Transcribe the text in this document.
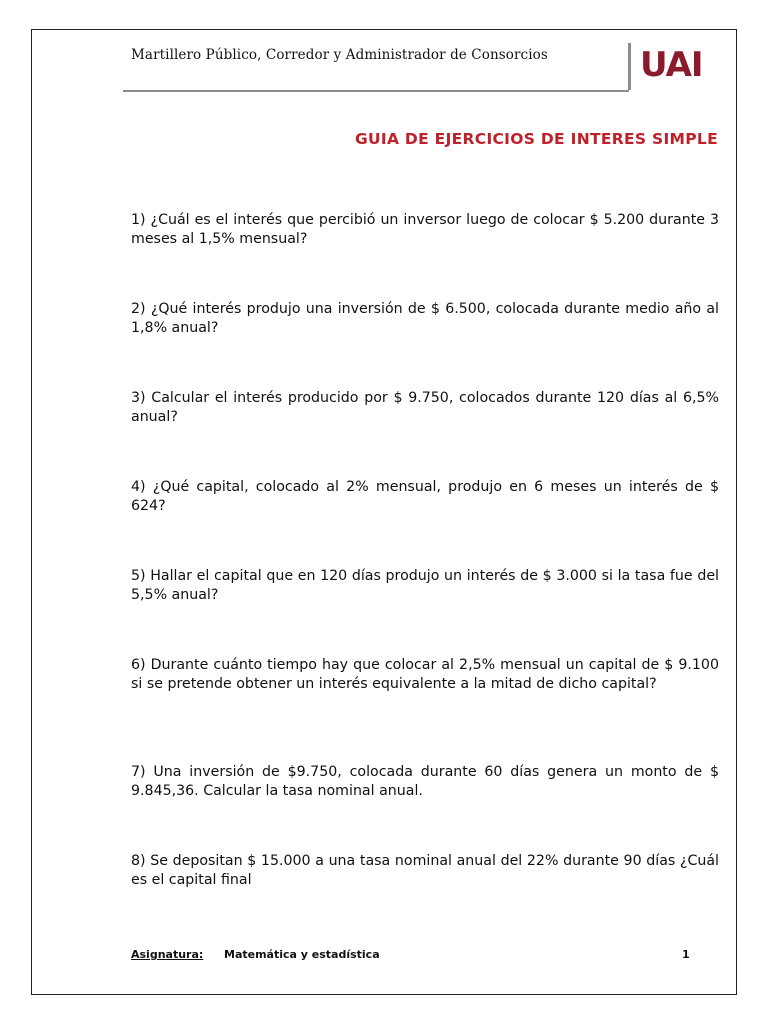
Martillero Público, Corredor y Administrador de Consorcios	UAI
GUIA DE EJERCICIOS DE INTERES SIMPLE
1) ¿Cuál es el interés que percibió un inversor luego de colocar $ 5.200 durante 3 meses al 1,5% mensual?
2) ¿Qué interés produjo una inversión de $ 6.500, colocada durante medio año al 1,8% anual?
3) Calcular el interés producido por $ 9.750, colocados durante 120 días al 6,5% anual?
4) ¿Qué capital, colocado al 2% mensual, produjo en 6 meses un interés de $ 624?
5) Hallar el capital que en 120 días produjo un interés de $ 3.000 si la tasa fue del 5,5% anual?
6) Durante cuánto tiempo hay que colocar al 2,5% mensual un capital de $ 9.100 si se pretende obtener un interés equivalente a la mitad de dicho capital?
7) Una inversión de $9.750, colocada durante 60 días genera un monto de $ 9.845,36. Calcular la tasa nominal anual.
8) Se depositan $ 15.000 a una tasa nominal anual del 22% durante 90 días ¿Cuál es el capital final
Asignatura: Matemática y estadística	1
